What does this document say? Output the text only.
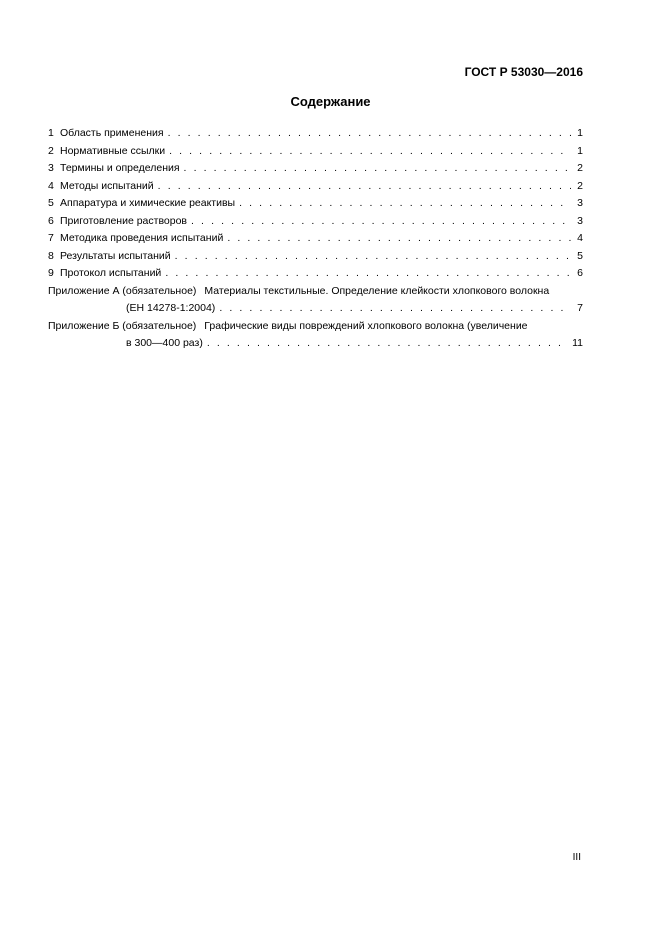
ГОСТ Р 53030—2016
Содержание
1 Область применения . . .	1
2 Нормативные ссылки . . .	1
3 Термины и определения . . .	2
4 Методы испытаний . . .	2
5 Аппаратура и химические реактивы . . .	3
6 Приготовление растворов . . .	3
7 Методика проведения испытаний . . .	4
8 Результаты испытаний . . .	5
9 Протокол испытаний . . .	6
Приложение А (обязательное) Материалы текстильные. Определение клейкости хлопкового волокна
(ЕН 14278-1:2004) . . .	7
Приложение Б (обязательное) Графические виды повреждений хлопкового волокна (увеличение
в 300—400 раз) . . .	11
III
